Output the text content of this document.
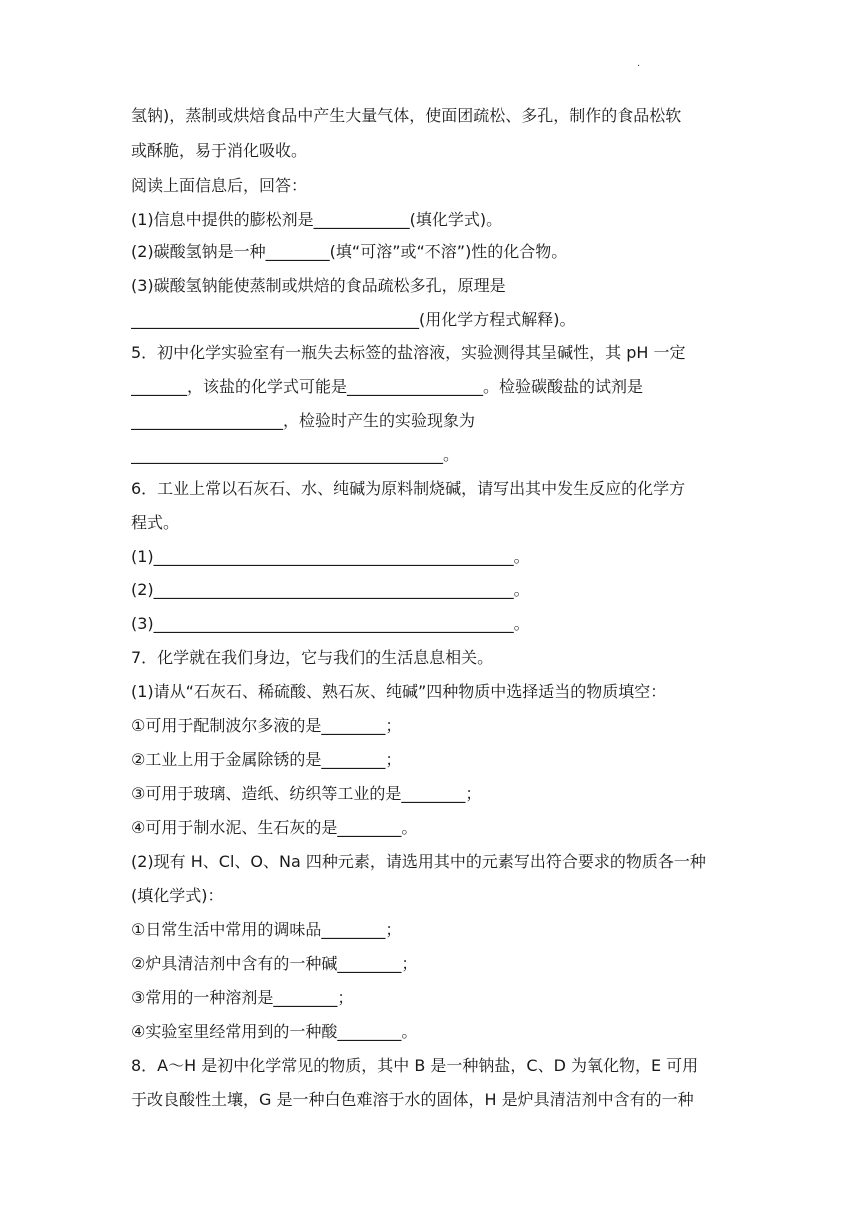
.
氢钠)，蒸制或烘焙食品中产生大量气体，使面团疏松、多孔，制作的食品松软
或酥脆，易于消化吸收。
阅读上面信息后，回答：
(1)信息中提供的膨松剂是____________(填化学式)。
(2)碳酸氢钠是一种________(填“可溶”或“不溶”)性的化合物。
(3)碳酸氢钠能使蒸制或烘焙的食品疏松多孔，原理是
____________________________________(用化学方程式解释)。
5．初中化学实验室有一瓶失去标签的盐溶液，实验测得其呈碱性，其 pH 一定
_______，该盐的化学式可能是_________________。检验碳酸盐的试剂是
___________________，检验时产生的实验现象为
_______________________________________。
6．工业上常以石灰石、水、纯碱为原料制烧碱，请写出其中发生反应的化学方
程式。
(1)_____________________________________________。
(2)_____________________________________________。
(3)_____________________________________________。
7．化学就在我们身边，它与我们的生活息息相关。
(1)请从“石灰石、稀硫酸、熟石灰、纯碱”四种物质中选择适当的物质填空：
①可用于配制波尔多液的是________；
②工业上用于金属除锈的是________；
③可用于玻璃、造纸、纺织等工业的是________；
④可用于制水泥、生石灰的是________。
(2)现有 H、Cl、O、Na 四种元素，请选用其中的元素写出符合要求的物质各一种
(填化学式)：
①日常生活中常用的调味品________；
②炉具清洁剂中含有的一种碱________；
③常用的一种溶剂是________；
④实验室里经常用到的一种酸________。
8．A～H 是初中化学常见的物质，其中 B 是一种钠盐，C、D 为氧化物，E 可用
于改良酸性土壤，G 是一种白色难溶于水的固体，H 是炉具清洁剂中含有的一种
